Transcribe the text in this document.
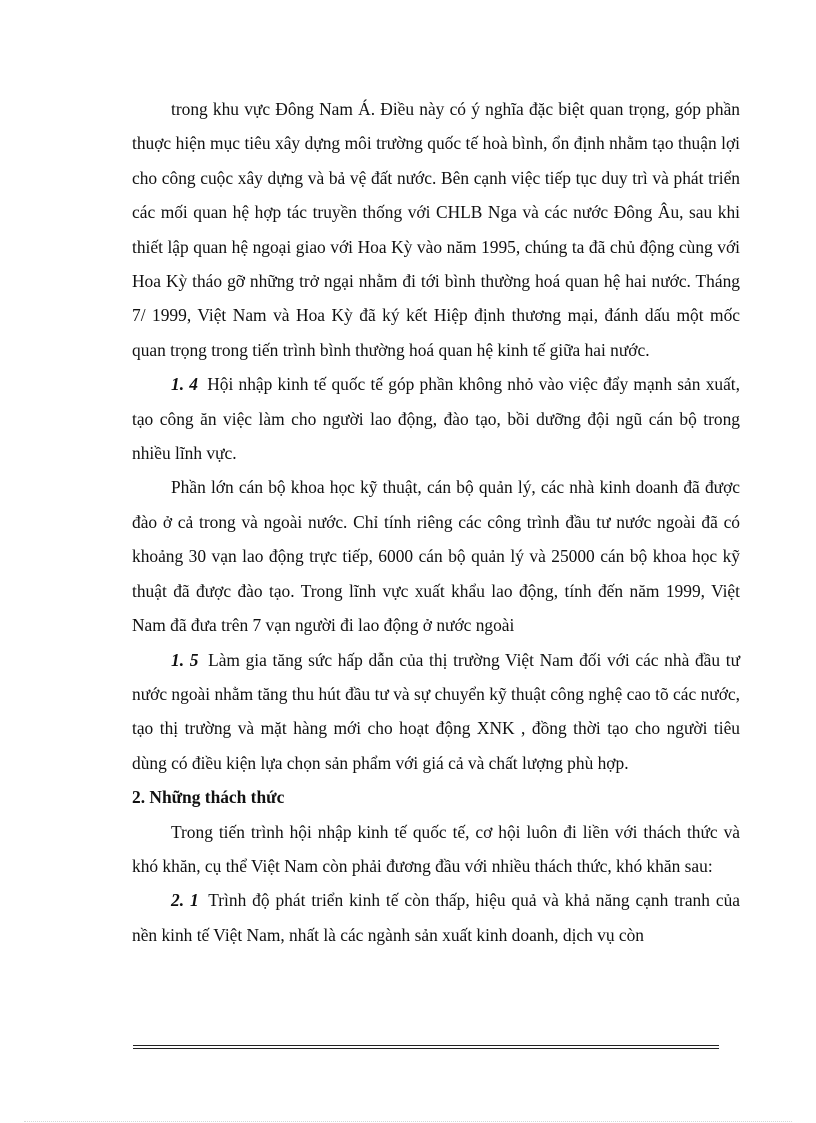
trong khu vực Đông Nam Á. Điều này có ý nghĩa đặc biệt quan trọng, góp phần thuợc hiện mục tiêu xây dựng môi trường quốc tế hoà bình, ổn định nhằm tạo thuận lợi cho công cuộc xây dựng và bả vệ đất nước. Bên cạnh việc tiếp tục duy trì và phát triển các mối quan hệ hợp tác truyền thống với CHLB Nga và các nước Đông Âu, sau khi thiết lập quan hệ ngoại giao với Hoa Kỳ vào năm 1995, chúng ta đã chủ động cùng với Hoa Kỳ tháo gỡ những trở ngại nhằm đi tới bình thường hoá quan hệ hai nước. Tháng 7/ 1999, Việt Nam và Hoa Kỳ đã ký kết Hiệp định thương mại, đánh dấu một mốc quan trọng trong tiến trình bình thường hoá quan hệ kinh tế giữa hai nước.

1. 4 Hội nhập kinh tế quốc tế góp phần không nhỏ vào việc đẩy mạnh sản xuất, tạo công ăn việc làm cho người lao động, đào tạo, bồi dưỡng đội ngũ cán bộ trong nhiều lĩnh vực.

Phần lớn cán bộ khoa học kỹ thuật, cán bộ quản lý, các nhà kinh doanh đã được đào ở cả trong và ngoài nước. Chỉ tính riêng các công trình đầu tư nước ngoài đã có khoảng 30 vạn lao động trực tiếp, 6000 cán bộ quản lý và 25000 cán bộ khoa học kỹ thuật đã được đào tạo. Trong lĩnh vực xuất khẩu lao động, tính đến năm 1999, Việt Nam đã đưa trên 7 vạn người đi lao động ở nước ngoài

1. 5 Làm gia tăng sức hấp dẫn của thị trường Việt Nam đối với các nhà đầu tư nước ngoài nhằm tăng thu hút đầu tư và sự chuyển kỹ thuật công nghệ cao tõ các nước, tạo thị trường và mặt hàng mới cho hoạt động XNK , đồng thời tạo cho người tiêu dùng có điều kiện lựa chọn sản phẩm với giá cả và chất lượng phù hợp.

2. Những thách thức

Trong tiến trình hội nhập kinh tế quốc tế, cơ hội luôn đi liền với thách thức và khó khăn, cụ thể Việt Nam còn phải đương đầu với nhiều thách thức, khó khăn sau:

2. 1 Trình độ phát triển kinh tế còn thấp, hiệu quả và khả năng cạnh tranh của nền kinh tế Việt Nam, nhất là các ngành sản xuất kinh doanh, dịch vụ còn
